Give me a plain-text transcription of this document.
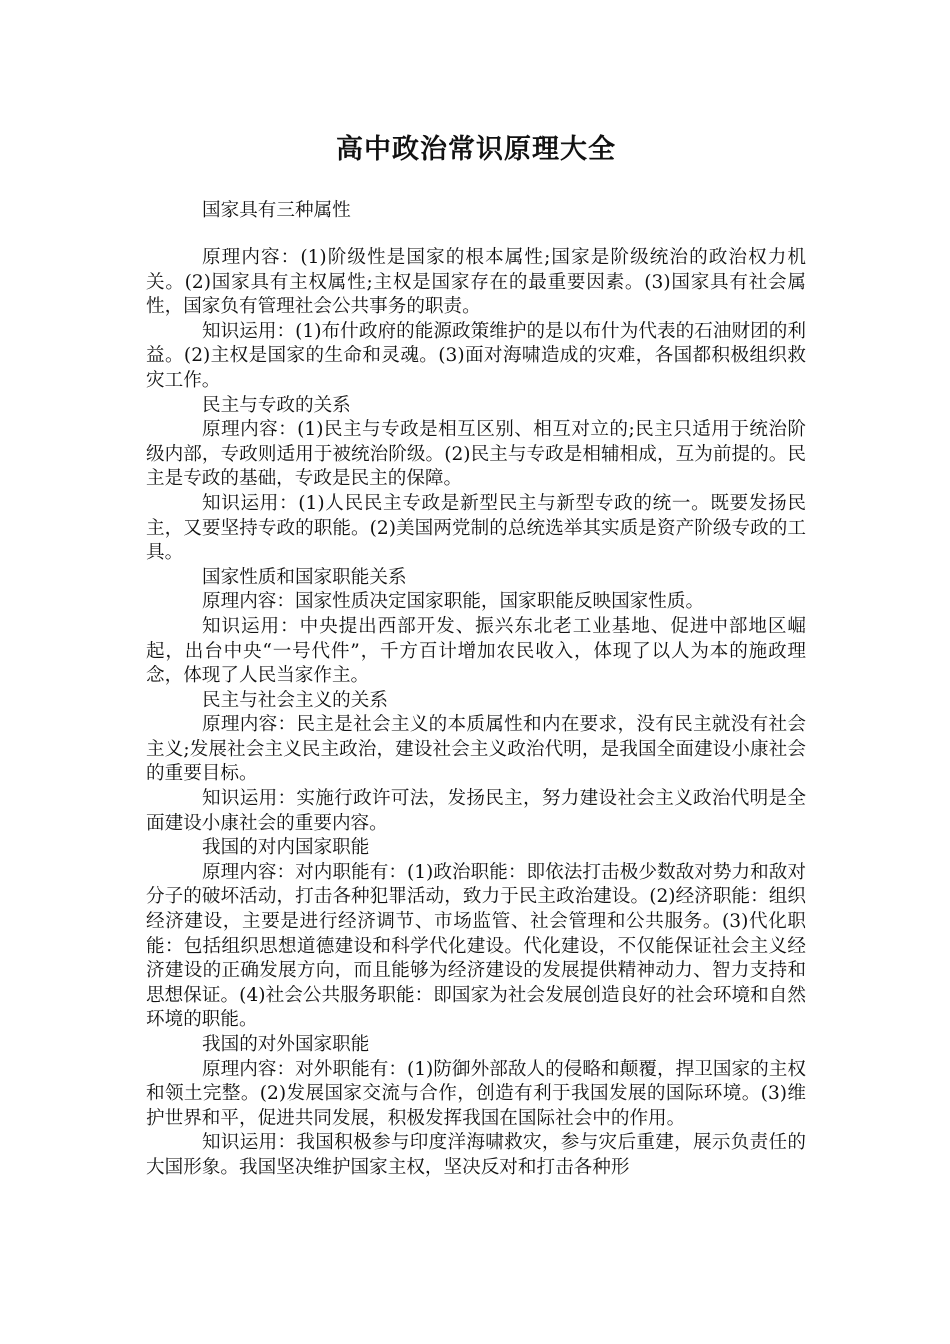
高中政治常识原理大全
国家具有三种属性

原理内容：(1)阶级性是国家的根本属性;国家是阶级统治的政治权力机关。(2)国家具有主权属性;主权是国家存在的最重要因素。(3)国家具有社会属性，国家负有管理社会公共事务的职责。

知识运用：(1)布什政府的能源政策维护的是以布什为代表的石油财团的利益。(2)主权是国家的生命和灵魂。(3)面对海啸造成的灾难，各国都积极组织救灾工作。

民主与专政的关系

原理内容：(1)民主与专政是相互区别、相互对立的;民主只适用于统治阶级内部，专政则适用于被统治阶级。(2)民主与专政是相辅相成，互为前提的。民主是专政的基础，专政是民主的保障。

知识运用：(1)人民民主专政是新型民主与新型专政的统一。既要发扬民主，又要坚持专政的职能。(2)美国两党制的总统选举其实质是资产阶级专政的工具。

国家性质和国家职能关系

原理内容：国家性质决定国家职能，国家职能反映国家性质。

知识运用：中央提出西部开发、振兴东北老工业基地、促进中部地区崛起，出台中央“一号代件”，千方百计增加农民收入，体现了以人为本的施政理念，体现了人民当家作主。

民主与社会主义的关系

原理内容：民主是社会主义的本质属性和内在要求，没有民主就没有社会主义;发展社会主义民主政治，建设社会主义政治代明，是我国全面建设小康社会的重要目标。

知识运用：实施行政许可法，发扬民主，努力建设社会主义政治代明是全面建设小康社会的重要内容。

我国的对内国家职能

原理内容：对内职能有：(1)政治职能：即依法打击极少数敌对势力和敌对分子的破坏活动，打击各种犯罪活动，致力于民主政治建设。(2)经济职能：组织经济建设，主要是进行经济调节、市场监管、社会管理和公共服务。(3)代化职能：包括组织思想道德建设和科学代化建设。代化建设，不仅能保证社会主义经济建设的正确发展方向，而且能够为经济建设的发展提供精神动力、智力支持和思想保证。(4)社会公共服务职能：即国家为社会发展创造良好的社会环境和自然环境的职能。

我国的对外国家职能

原理内容：对外职能有：(1)防御外部敌人的侵略和颠覆，捍卫国家的主权和领土完整。(2)发展国家交流与合作，创造有利于我国发展的国际环境。(3)维护世界和平，促进共同发展，积极发挥我国在国际社会中的作用。

知识运用：我国积极参与印度洋海啸救灾，参与灾后重建，展示负责任的大国形象。我国坚决维护国家主权，坚决反对和打击各种形
